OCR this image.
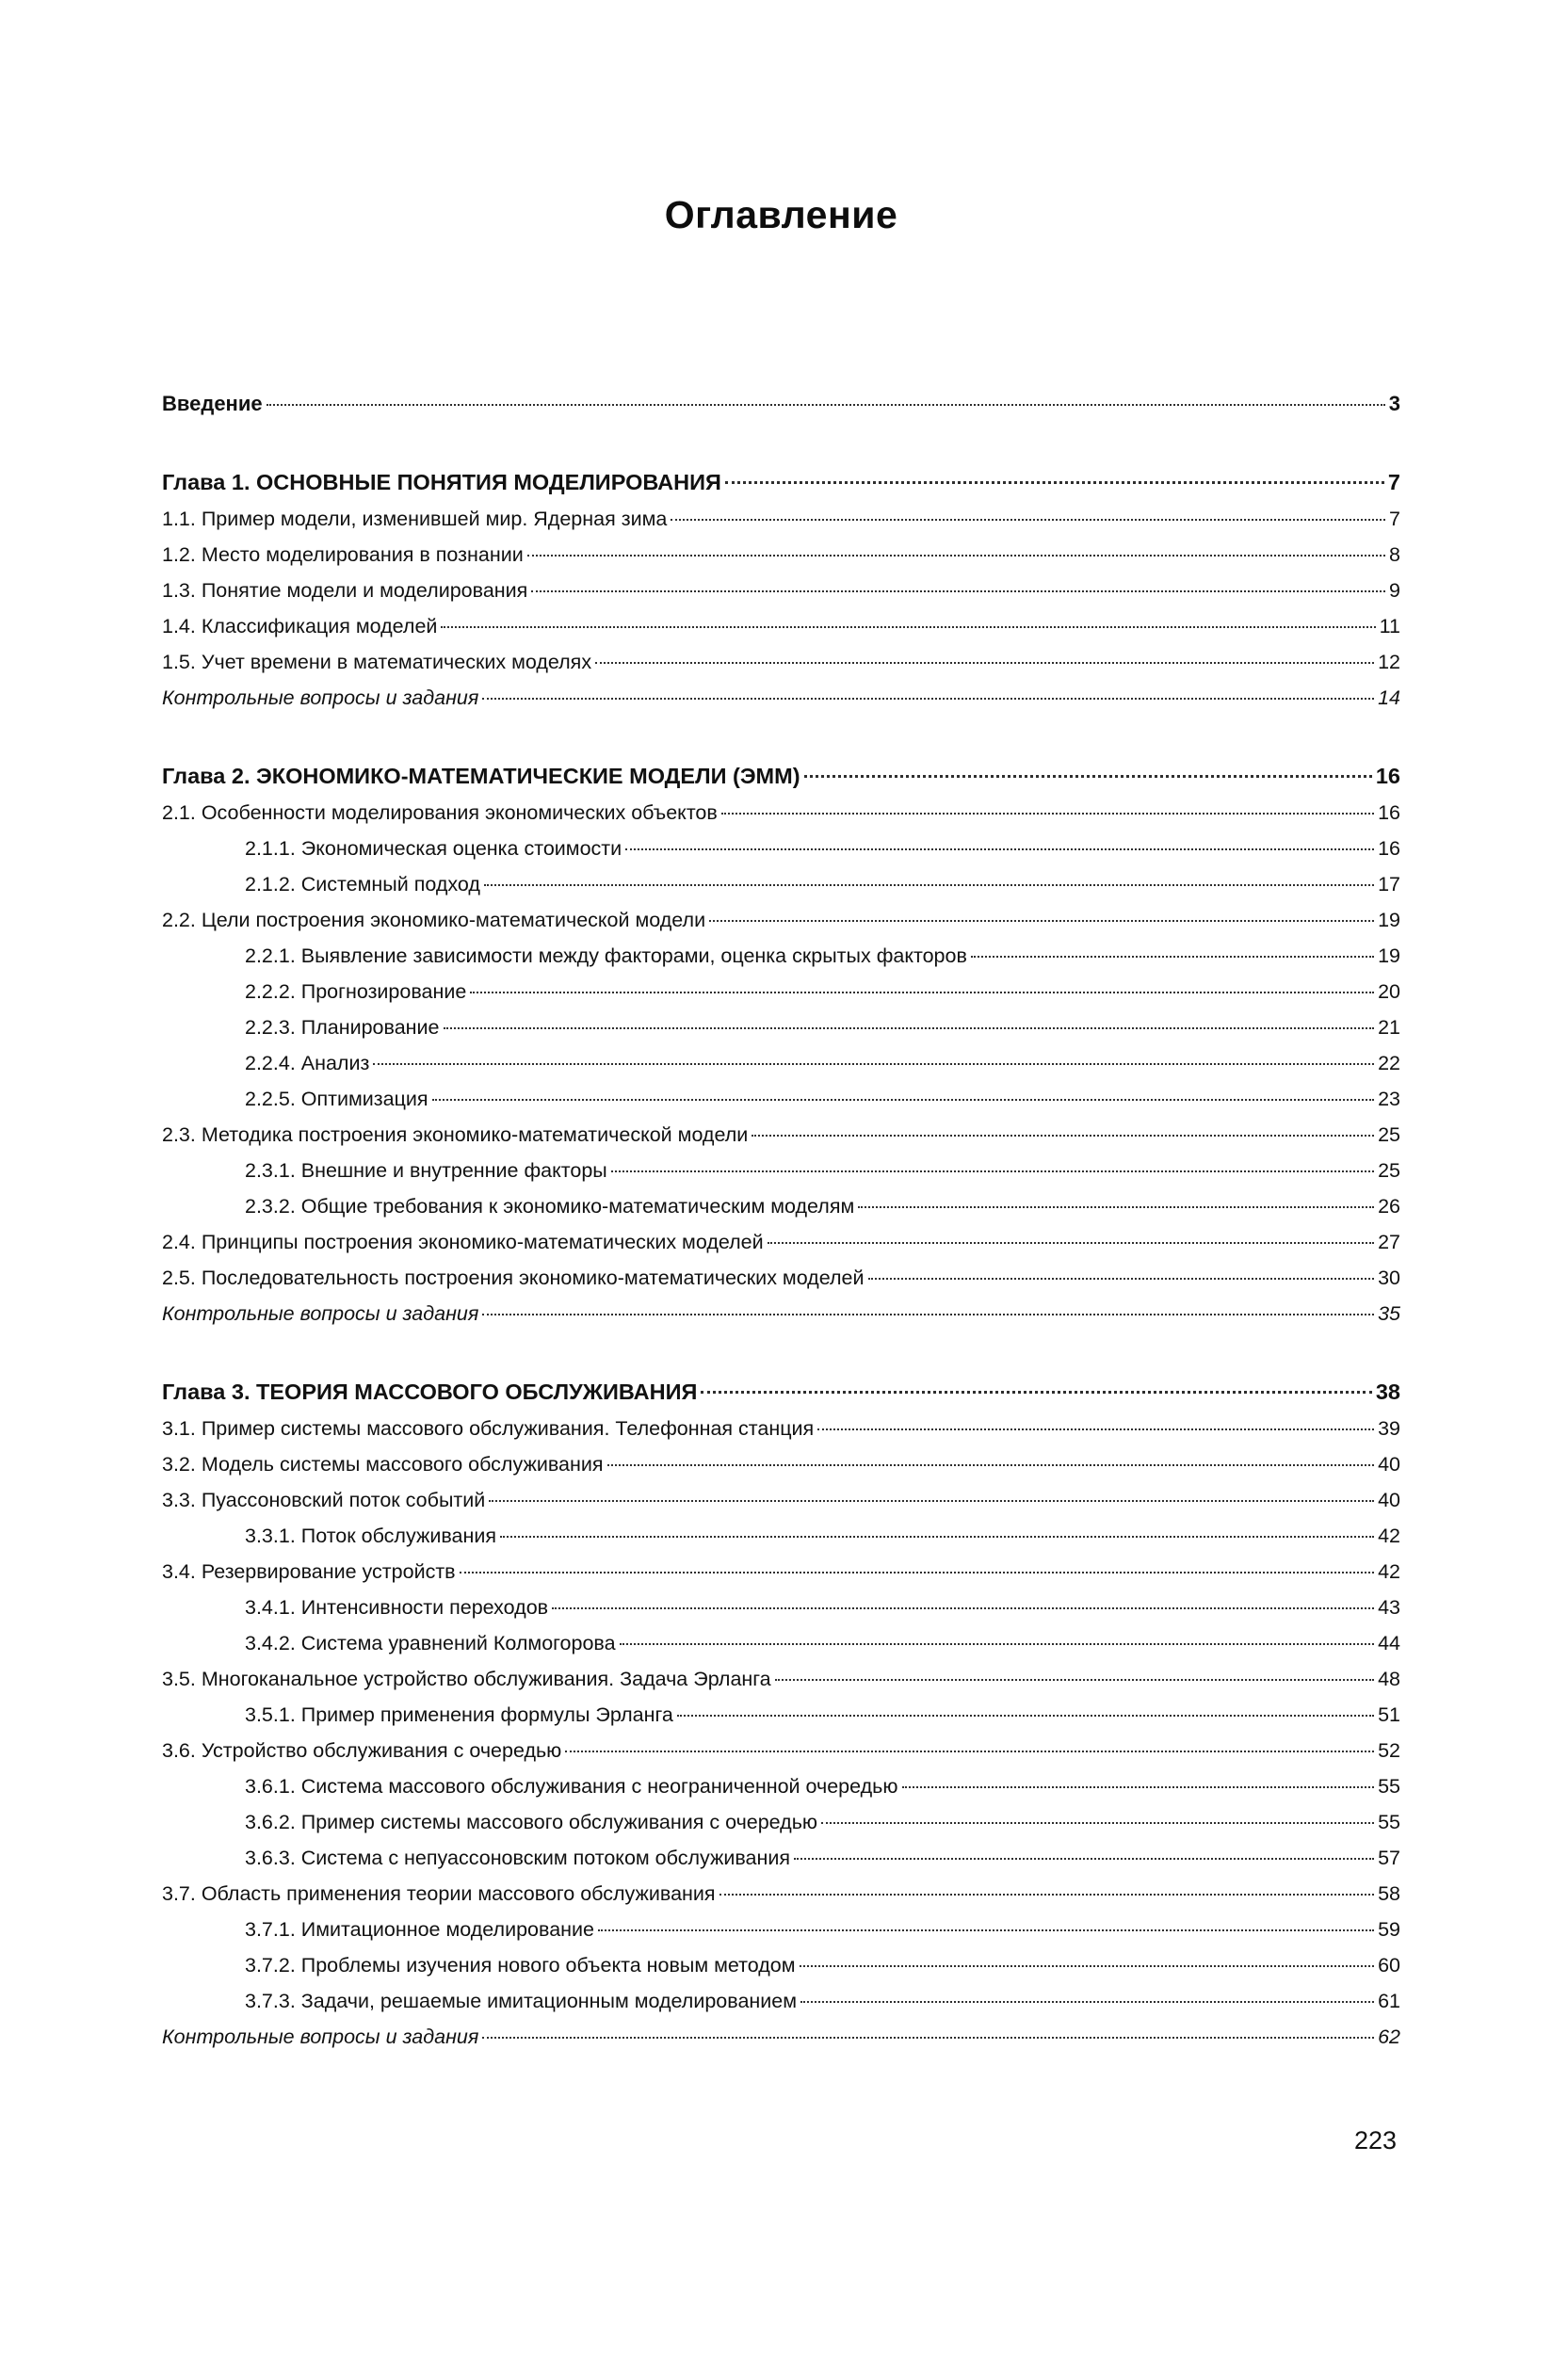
Оглавление
Введение	3
Глава 1. ОСНОВНЫЕ ПОНЯТИЯ МОДЕЛИРОВАНИЯ	7
1.1. Пример модели, изменившей мир. Ядерная зима	7
1.2. Место моделирования в познании	8
1.3. Понятие модели и моделирования	9
1.4. Классификация моделей	11
1.5. Учет времени в математических моделях	12
Контрольные вопросы и задания	14
Глава 2. ЭКОНОМИКО-МАТЕМАТИЧЕСКИЕ МОДЕЛИ (ЭММ)	16
2.1. Особенности моделирования экономических объектов	16
2.1.1. Экономическая оценка стоимости	16
2.1.2. Системный подход	17
2.2. Цели построения экономико-математической модели	19
2.2.1. Выявление зависимости между факторами, оценка скрытых факторов	19
2.2.2. Прогнозирование	20
2.2.3. Планирование	21
2.2.4. Анализ	22
2.2.5. Оптимизация	23
2.3. Методика построения экономико-математической модели	25
2.3.1. Внешние и внутренние факторы	25
2.3.2. Общие требования к экономико-математическим моделям	26
2.4. Принципы построения экономико-математических моделей	27
2.5. Последовательность построения экономико-математических моделей	30
Контрольные вопросы и задания	35
Глава 3. ТЕОРИЯ МАССОВОГО ОБСЛУЖИВАНИЯ	38
3.1. Пример системы массового обслуживания. Телефонная станция	39
3.2. Модель системы массового обслуживания	40
3.3. Пуассоновский поток событий	40
3.3.1. Поток обслуживания	42
3.4. Резервирование устройств	42
3.4.1. Интенсивности переходов	43
3.4.2. Система уравнений Колмогорова	44
3.5. Многоканальное устройство обслуживания. Задача Эрланга	48
3.5.1. Пример применения формулы Эрланга	51
3.6. Устройство обслуживания с очередью	52
3.6.1. Система массового обслуживания с неограниченной очередью	55
3.6.2. Пример системы массового обслуживания с очередью	55
3.6.3. Система с непуассоновским потоком обслуживания	57
3.7. Область применения теории массового обслуживания	58
3.7.1. Имитационное моделирование	59
3.7.2. Проблемы изучения нового объекта новым методом	60
3.7.3. Задачи, решаемые имитационным моделированием	61
Контрольные вопросы и задания	62
223
